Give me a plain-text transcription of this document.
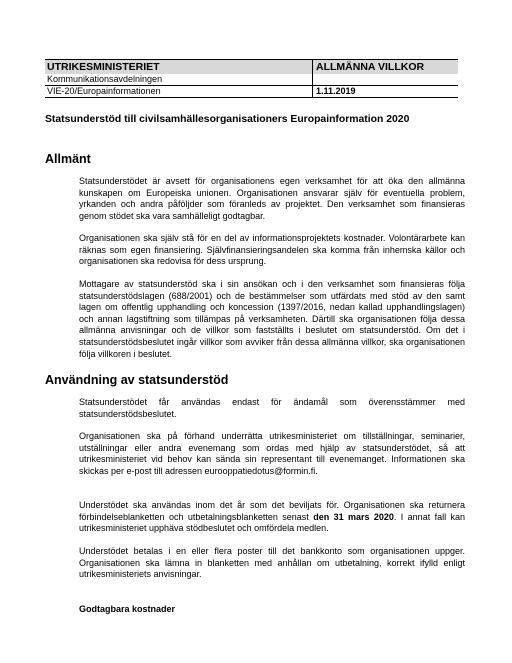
UTRIKESMINISTERIET	ALLMÄNNA VILLKOR
Kommunikationsavdelningen
VIE-20/Europainformationen	1.11.2019
Statsunderstöd till civilsamhällesorganisationers Europainformation 2020
Allmänt

Statsunderstödet är avsett för organisationens egen verksamhet för att öka den allmänna kunskapen om Europeiska unionen. Organisationen ansvarar själv för eventuella problem, yrkanden och andra påföljder som föranleds av projektet. Den verksamhet som finansieras genom stödet ska vara samhälleligt godtagbar.

Organisationen ska själv stå för en del av informationsprojektets kostnader. Volontärarbete kan räknas som egen finansiering. Självfinansieringsandelen ska komma från inhemska källor och organisationen ska redovisa för dess ursprung.

Mottagare av statsunderstöd ska i sin ansökan och i den verksamhet som finansieras följa statsunderstödslagen (688/2001) och de bestämmelser som utfärdats med stöd av den samt lagen om offentlig upphandling och koncession (1397/2016, nedan kallad upphandlingslagen) och annan lagstiftning som tillämpas på verksamheten. Därtill ska organisationen följa dessa allmänna anvisningar och de villkor som fastställts i beslutet om statsunderstöd. Om det i statsunderstödsbeslutet ingår villkor som avviker från dessa allmänna villkor, ska organisationen följa villkoren i beslutet.

Användning av statsunderstöd

Statsunderstödet får användas endast för ändamål som överensstämmer med statsunderstödsbeslutet.

Organisationen ska på förhand underrätta utrikesministeriet om tillställningar, seminarier, utställningar eller andra evenemang som ordas med hjälp av statsunderstödet, så att utrikesministeriet vid behov kan sända sin representant till evenemanget. Informationen ska skickas per e-post till adressen eurooppatiedotus@formin.fi.

Understödet ska användas inom det år som det beviljats för. Organisationen ska returnera förbindelseblanketten och utbetalningsblanketten senast den 31 mars 2020. I annat fall kan utrikesministeriet upphäva stödbeslutet och omfördela medlen.

Understödet betalas i en eller flera poster till det bankkonto som organisationen uppger. Organisationen ska lämna in blanketten med anhållan om utbetalning, korrekt ifylld enligt utrikesministeriets anvisningar.

Godtagbara kostnader
